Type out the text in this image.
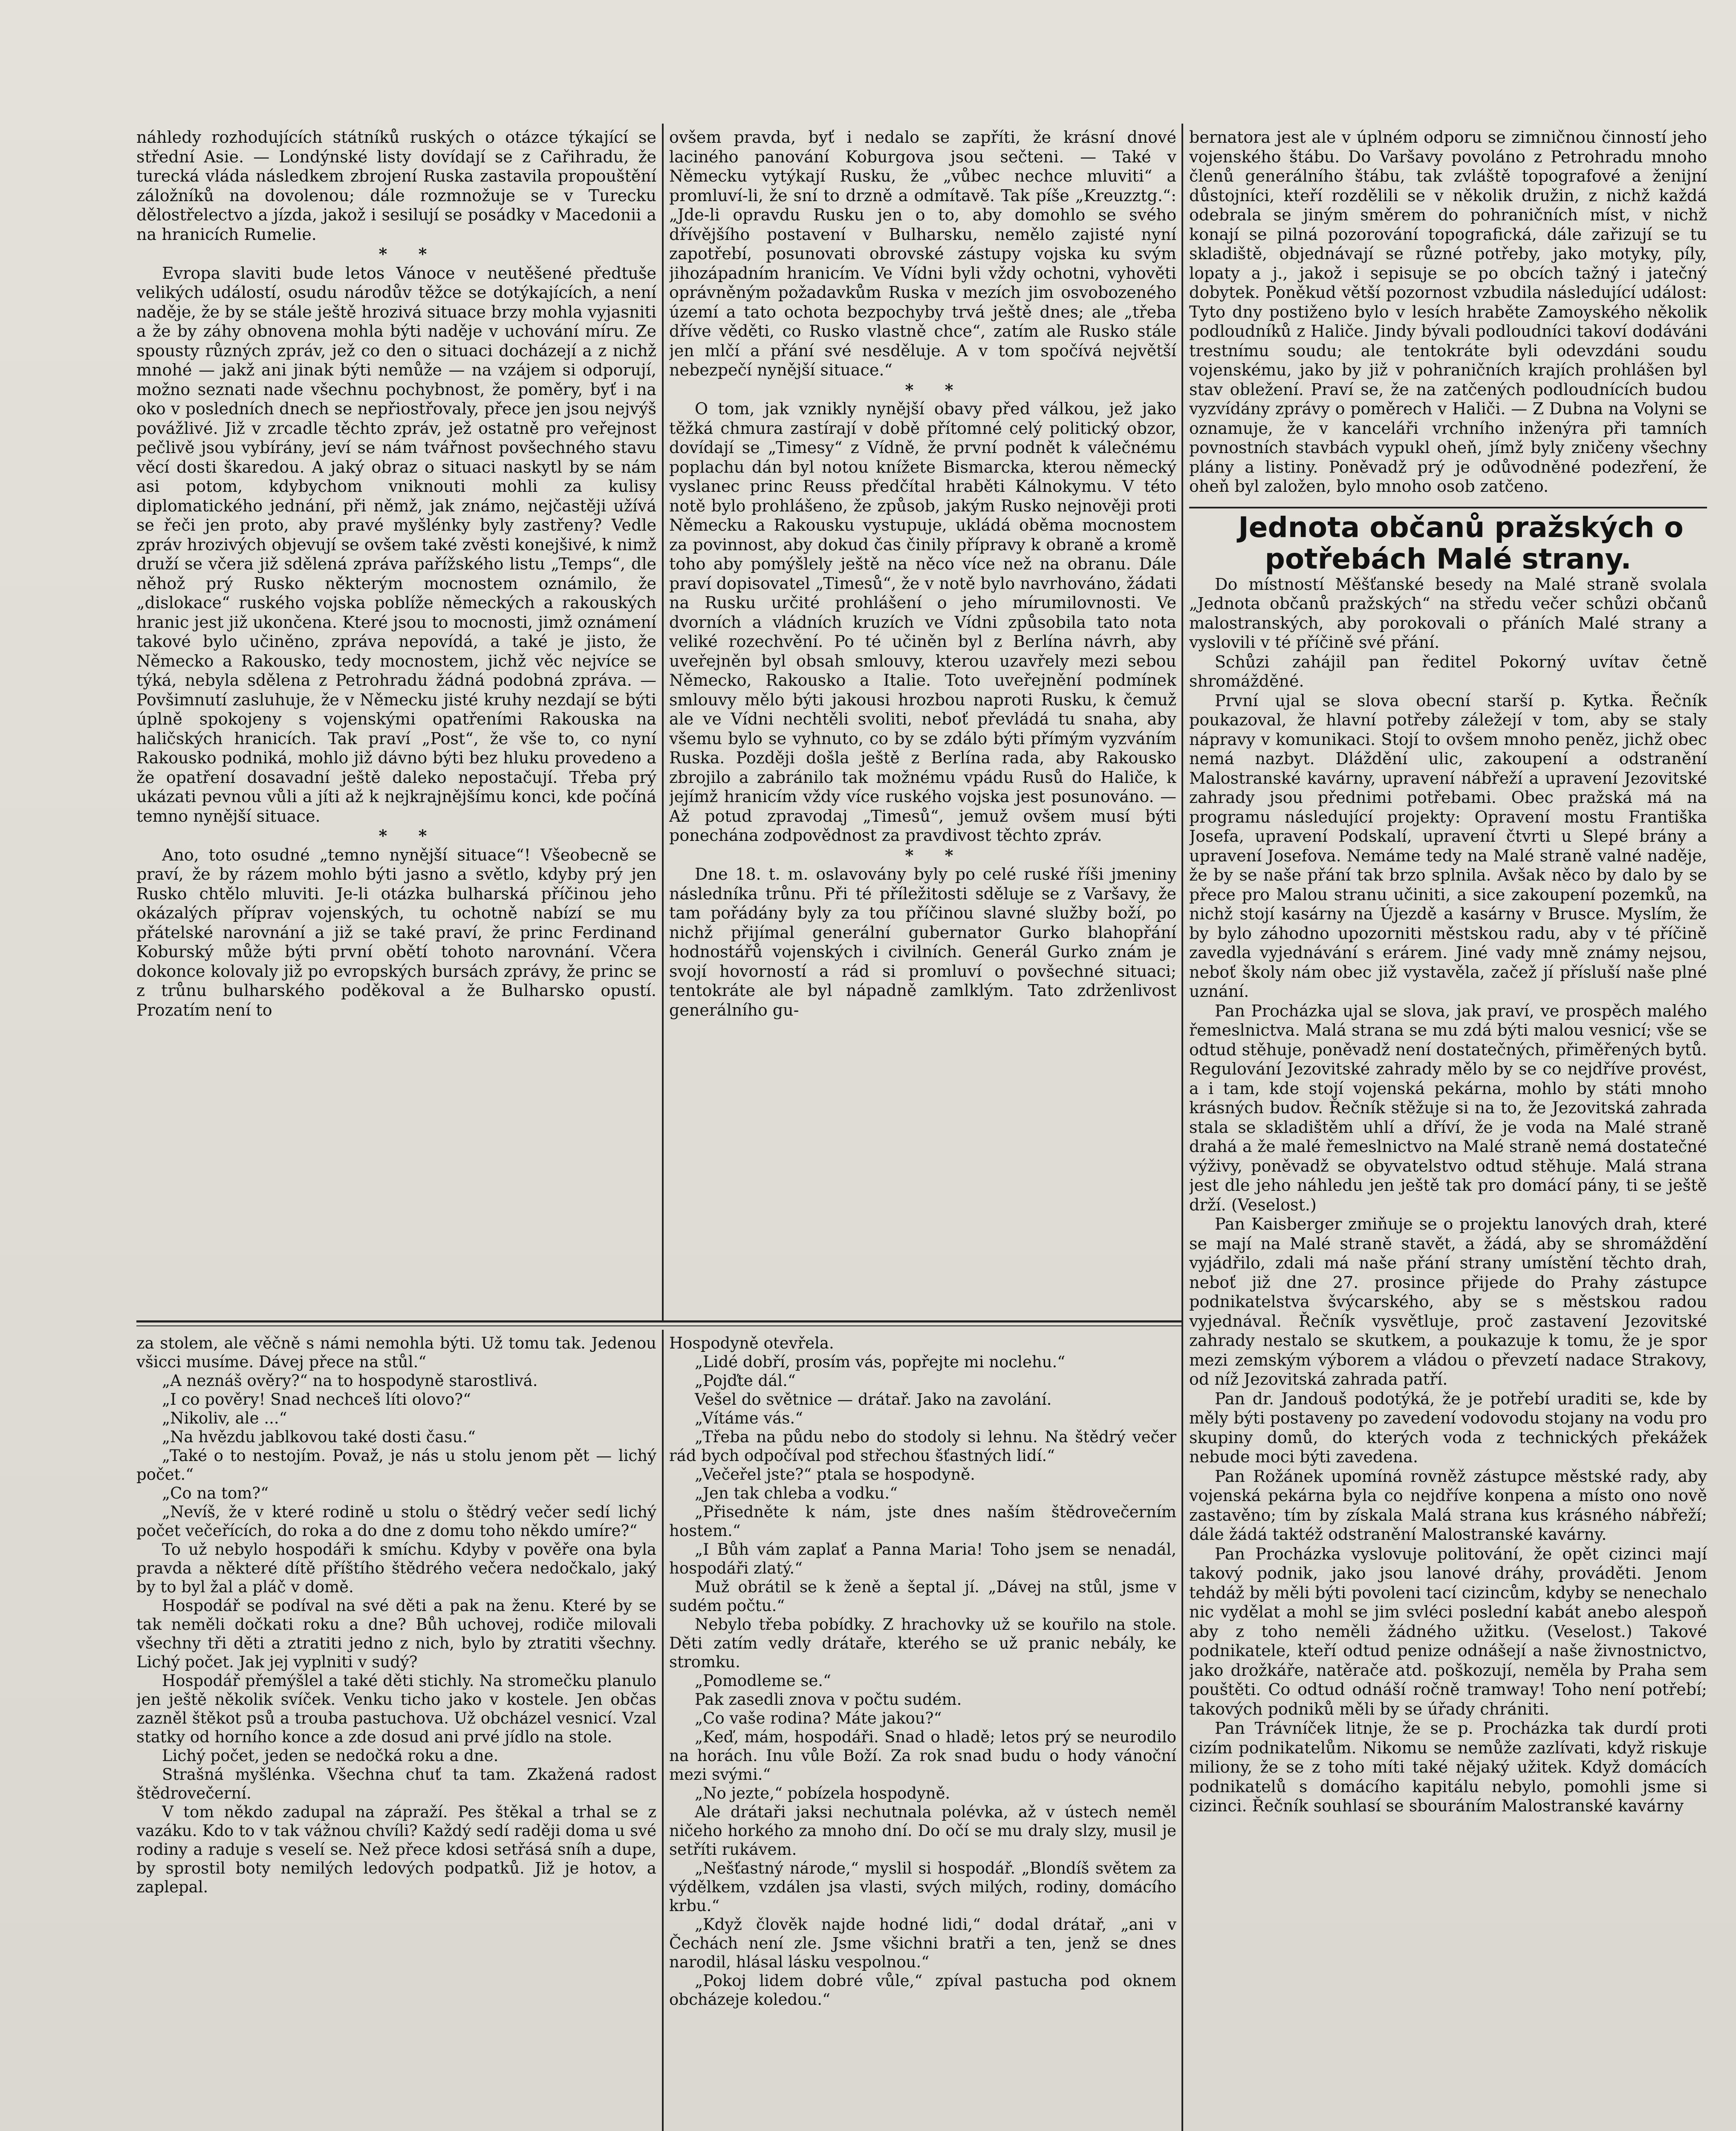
náhledy rozhodujících státníků ruských o otázce týkající se střední Asie. — Londýnské listy dovídají se z Cařihradu, že turecká vláda následkem zbrojení Ruska zastavila propouštění záložníků na dovolenou; dále rozmnožuje se v Turecku dělostřelectvo a jízda, jakož i sesilují se posádky v Macedonii a na hranicích Rumelie.

* *

Evropa slaviti bude letos Vánoce v neutěšené předtuše velikých událostí, osudu národův těžce se dotýkajících, a není naděje, že by se stále ještě hrozivá situace brzy mohla vyjasniti a že by záhy obnovena mohla býti naděje v uchování míru. Ze spousty různých zpráv, jež co den o situaci docházejí a z nichž mnohé — jakž ani jinak býti nemůže — na vzájem si odporují, možno seznati nade všechnu pochybnost, že poměry, byť i na oko v posledních dnech se nepřiostřovaly, přece jen jsou nejvýš povážlivé. Již v zrcadle těchto zpráv, jež ostatně pro veřejnost pečlivě jsou vybírány, jeví se nám tvářnost povšechného stavu věcí dosti škaredou. A jaký obraz o situaci naskytl by se nám asi potom, kdybychom vniknouti mohli za kulisy diplomatického jednání, při němž, jak známo, nejčastěji užívá se řeči jen proto, aby pravé myšlénky byly zastřeny? Vedle zpráv hrozivých objevují se ovšem také zvěsti konejšivé, k nimž druží se včera již sdělená zpráva pařížského listu „Temps“, dle něhož prý Rusko některým mocnostem oznámilo, že „dislokace“ ruského vojska poblíže německých a rakouských hranic jest již ukončena. Které jsou to mocnosti, jimž oznámení takové bylo učiněno, zpráva nepovídá, a také je jisto, že Německo a Rakousko, tedy mocnostem, jichž věc nejvíce se týká, nebyla sdělena z Petrohradu žádná podobná zpráva. — Povšimnutí zasluhuje, že v Německu jisté kruhy nezdají se býti úplně spokojeny s vojenskými opatřeními Rakouska na haličských hranicích. Tak praví „Post“, že vše to, co nyní Rakousko podniká, mohlo již dávno býti bez hluku provedeno a že opatření dosavadní ještě daleko nepostačují. Třeba prý ukázati pevnou vůli a jíti až k nejkrajnějšímu konci, kde počíná temno nynější situace.

* *

Ano, toto osudné „temno nynější situace“! Všeobecně se praví, že by rázem mohlo býti jasno a světlo, kdyby prý jen Rusko chtělo mluviti. Je-li otázka bulharská příčinou jeho okázalých příprav vojenských, tu ochotně nabízí se mu přátelské narovnání a již se také praví, že princ Ferdinand Koburský může býti první obětí tohoto narovnání. Včera dokonce kolovaly již po evropských bursách zprávy, že princ se z trůnu bulharského poděkoval a že Bulharsko opustí. Prozatím není to

ovšem pravda, byť i nedalo se zapříti, že krásní dnové laciného panování Koburgova jsou sečteni. — Také v Německu vytýkají Rusku, že „vůbec nechce mluviti“ a promluví-li, že sní to drzně a odmítavě. Tak píše „Kreuzztg.“: „Jde-li opravdu Rusku jen o to, aby domohlo se svého dřívějšího postavení v Bulharsku, nemělo zajisté nyní zapotřebí, posunovati obrovské zástupy vojska ku svým jihozápadním hranicím. Ve Vídni byli vždy ochotni, vyhověti oprávněným požadavkům Ruska v mezích jim osvobozeného území a tato ochota bezpochyby trvá ještě dnes; ale „třeba dříve věděti, co Rusko vlastně chce“, zatím ale Rusko stále jen mlčí a přání své nesděluje. A v tom spočívá největší nebezpečí nynější situace.“

* *

O tom, jak vznikly nynější obavy před válkou, jež jako těžká chmura zastírají v době přítomné celý politický obzor, dovídají se „Timesy“ z Vídně, že první podnět k válečnému poplachu dán byl notou knížete Bismarcka, kterou německý vyslanec princ Reuss předčítal hraběti Kálnokymu. V této notě bylo prohlášeno, že způsob, jakým Rusko nejnověji proti Německu a Rakousku vystupuje, ukládá oběma mocnostem za povinnost, aby dokud čas činily přípravy k obraně a kromě toho aby pomýšlely ještě na něco více než na obranu. Dále praví dopisovatel „Timesů“, že v notě bylo navrhováno, žádati na Rusku určité prohlášení o jeho mírumilovnosti. Ve dvorních a vládních kruzích ve Vídni způsobila tato nota veliké rozechvění. Po té učiněn byl z Berlína návrh, aby uveřejněn byl obsah smlouvy, kterou uzavřely mezi sebou Německo, Rakousko a Italie. Toto uveřejnění podmínek smlouvy mělo býti jakousi hrozbou naproti Rusku, k čemuž ale ve Vídni nechtěli svoliti, neboť převládá tu snaha, aby všemu bylo se vyhnuto, co by se zdálo býti přímým vyzváním Ruska. Později došla ještě z Berlína rada, aby Rakousko zbrojilo a zabránilo tak možnému vpádu Rusů do Haliče, k jejímž hranicím vždy více ruského vojska jest posunováno. — Až potud zpravodaj „Timesů“, jemuž ovšem musí býti ponechána zodpovědnost za pravdivost těchto zpráv.

* *

Dne 18. t. m. oslavovány byly po celé ruské říši jmeniny následníka trůnu. Při té příležitosti sděluje se z Varšavy, že tam pořádány byly za tou příčinou slavné služby boží, po nichž přijímal generální gubernator Gurko blahopřání hodnostářů vojenských i civilních. Generál Gurko znám je svojí hovorností a rád si promluví o povšechné situaci; tentokráte ale byl nápadně zamlklým. Tato zdrženlivost generálního gu-

bernatora jest ale v úplném odporu se zimničnou činností jeho vojenského štábu. Do Varšavy povoláno z Petrohradu mnoho členů generálního štábu, tak zvláště topografové a ženijní důstojníci, kteří rozdělili se v několik družin, z nichž každá odebrala se jiným směrem do pohraničních míst, v nichž konají se pilná pozorování topografická, dále zařizují se tu skladiště, objednávají se různé potřeby, jako motyky, píly, lopaty a j., jakož i sepisuje se po obcích tažný i jatečný dobytek. Poněkud větší pozornost vzbudila následující událost: Tyto dny postiženo bylo v lesích hraběte Zamoyského několik podloudníků z Haliče. Jindy bývali podloudníci takoví dodáváni trestnímu soudu; ale tentokráte byli odevzdáni soudu vojenskému, jako by již v pohraničních krajích prohlášen byl stav obležení. Praví se, že na zatčených podloudnících budou vyzvídány zprávy o poměrech v Haliči. — Z Dubna na Volyni se oznamuje, že v kanceláři vrchního inženýra při tamních povnostních stavbách vypukl oheň, jímž byly zničeny všechny plány a listiny. Poněvadž prý je odůvodněné podezření, že oheň byl založen, bylo mnoho osob zatčeno.

Jednota občanů pražských o potřebách Malé strany.

Do místností Měšťanské besedy na Malé straně svolala „Jednota občanů pražských“ na středu večer schůzi občanů malostranských, aby porokovali o přáních Malé strany a vyslovili v té příčině své přání.

Schůzi zahájil pan ředitel Pokorný uvítav četně shromážděné.

První ujal se slova obecní starší p. Kytka. Řečník poukazoval, že hlavní potřeby záležejí v tom, aby se staly nápravy v komunikaci. Stojí to ovšem mnoho peněz, jichž obec nemá nazbyt. Dláždění ulic, zakoupení a odstranění Malostranské kavárny, upravení nábřeží a upravení Jezovitské zahrady jsou přednimi potřebami. Obec pražská má na programu následující projekty: Opravení mostu Františka Josefa, upravení Podskalí, upravení čtvrti u Slepé brány a upravení Josefova. Nemáme tedy na Malé straně valné naděje, že by se naše přání tak brzo splnila. Avšak něco by dalo by se přece pro Malou stranu učiniti, a sice zakoupení pozemků, na nichž stojí kasárny na Újezdě a kasárny v Brusce. Myslím, že by bylo záhodno upozorniti městskou radu, aby v té příčině zavedla vyjednávání s erárem. Jiné vady mně známy nejsou, neboť školy nám obec již vystavěla, začež jí přísluší naše plné uznání.

Pan Procházka ujal se slova, jak praví, ve prospěch malého řemeslnictva. Malá strana se mu zdá býti malou vesnicí; vše se odtud stěhuje, poněvadž není dostatečných, přiměřených bytů. Regulování Jezovitské zahrady mělo by se co nejdříve provést, a i tam, kde stojí vojenská pekárna, mohlo by státi mnoho krásných budov. Řečník stěžuje si na to, že Jezovitská zahrada stala se skladištěm uhlí a dříví, že je voda na Malé straně drahá a že malé řemeslnictvo na Malé straně nemá dostatečné výživy, poněvadž se obyvatelstvo odtud stěhuje. Malá strana jest dle jeho náhledu jen ještě tak pro domácí pány, ti se ještě drží. (Veselost.)

Pan Kaisberger zmiňuje se o projektu lanových drah, které se mají na Malé straně stavět, a žádá, aby se shromáždění vyjádřilo, zdali má naše přání strany umístění těchto drah, neboť již dne 27. prosince přijede do Prahy zástupce podnikatelstva švýcarského, aby se s městskou radou vyjednával. Řečník vysvětluje, proč zastavení Jezovitské zahrady nestalo se skutkem, a poukazuje k tomu, že je spor mezi zemským výborem a vládou o převzetí nadace Strakovy, od níž Jezovitská zahrada patří.

Pan dr. Jandouš podotýká, že je potřebí uraditi se, kde by měly býti postaveny po zavedení vodovodu stojany na vodu pro skupiny domů, do kterých voda z technických překážek nebude moci býti zavedena.

Pan Rožánek upomíná rovněž zástupce městské rady, aby vojenská pekárna byla co nejdříve konpena a místo ono nově zastavěno; tím by získala Malá strana kus krásného nábřeží; dále žádá taktéž odstranění Malostranské kavárny.

Pan Procházka vyslovuje politování, že opět cizinci mají takový podnik, jako jsou lanové dráhy, prováděti. Jenom tehdáž by měli býti povoleni tací cizincům, kdyby se nenechalo nic vydělat a mohl se jim svléci poslední kabát anebo alespoň aby z toho neměli žádného užitku. (Veselost.) Takové podnikatele, kteří odtud penize odnášejí a naše živnostnictvo, jako drožkáře, natěrače atd. poškozují, neměla by Praha sem pouštěti. Co odtud odnáší ročně tramway! Toho není potřebí; takových podniků měli by se úřady chrániti.

Pan Trávníček litnje, že se p. Procházka tak durdí proti cizím podnikatelům. Nikomu se nemůže zazlívati, když riskuje miliony, že se z toho míti také nějaký užitek. Když domácích podnikatelů s domácího kapitálu nebylo, pomohli jsme si cizinci. Řečník souhlasí se sbouráním Malostranské kavárny

za stolem, ale věčně s námi nemohla býti. Už tomu tak. Jedenou všicci musíme. Dávej přece na stůl.“

„A neznáš ověry?“ na to hospodyně starostlivá.

„I co pověry! Snad nechceš líti olovo?“

„Nikoliv, ale ...“

„Na hvězdu jablkovou také dosti času.“

„Také o to nestojím. Považ, je nás u stolu jenom pět — lichý počet.“

„Co na tom?“

„Nevíš, že v které rodině u stolu o štědrý večer sedí lichý počet večeřících, do roka a do dne z domu toho někdo umíre?“

To už nebylo hospodáři k smíchu. Kdyby v pověře ona byla pravda a některé dítě příštího štědrého večera nedočkalo, jaký by to byl žal a pláč v domě.

Hospodář se podíval na své děti a pak na ženu. Které by se tak neměli dočkati roku a dne? Bůh uchovej, rodiče milovali všechny tři děti a ztratiti jedno z nich, bylo by ztratiti všechny. Lichý počet. Jak jej vyplniti v sudý?

Hospodář přemýšlel a také děti stichly. Na stromečku planulo jen ještě několik svíček. Venku ticho jako v kostele. Jen občas zazněl štěkot psů a trouba pastuchova. Už obcházel vesnicí. Vzal statky od horního konce a zde dosud ani prvé jídlo na stole.

Lichý počet, jeden se nedočká roku a dne.

Strašná myšlénka. Všechna chuť ta tam. Zkažená radost štědrovečerní.

V tom někdo zadupal na zápraží. Pes štěkal a trhal se z vazáku. Kdo to v tak vážnou chvíli? Každý sedí raději doma u své rodiny a raduje s veselí se. Než přece kdosi setřásá sníh a dupe, by sprostil boty nemilých ledových podpatků. Již je hotov, a zaplepal.

Hospodyně otevřela.

„Lidé dobří, prosím vás, popřejte mi noclehu.“

„Pojďte dál.“

Vešel do světnice — drátař. Jako na zavolání.

„Vítáme vás.“

„Třeba na půdu nebo do stodoly si lehnu. Na štědrý večer rád bych odpočíval pod střechou šťastných lidí.“

„Večeřel jste?“ ptala se hospodyně.

„Jen tak chleba a vodku.“

„Přisedněte k nám, jste dnes naším štědrovečerním hostem.“

„I Bůh vám zaplať a Panna Maria! Toho jsem se nenadál, hospodáři zlatý.“

Muž obrátil se k ženě a šeptal jí. „Dávej na stůl, jsme v sudém počtu.“

Nebylo třeba pobídky. Z hrachovky už se kouřilo na stole. Děti zatím vedly drátaře, kterého se už pranic nebály, ke stromku.

„Pomodleme se.“

Pak zasedli znova v počtu sudém.

„Co vaše rodina? Máte jakou?“

„Keď, mám, hospodáři. Snad o hladě; letos prý se neurodilo na horách. Inu vůle Boží. Za rok snad budu o hody vánoční mezi svými.“

„No jezte,“ pobízela hospodyně.

Ale drátaři jaksi nechutnala polévka, až v ústech neměl ničeho horkého za mnoho dní. Do očí se mu draly slzy, musil je setříti rukávem.

„Nešťastný národe,“ myslil si hospodář. „Blondíš světem za výdělkem, vzdálen jsa vlasti, svých milých, rodiny, domácího krbu.“

„Když člověk najde hodné lidi,“ dodal drátař, „ani v Čechách není zle. Jsme všichni bratři a ten, jenž se dnes narodil, hlásal lásku vespolnou.“

„Pokoj lidem dobré vůle,“ zpíval pastucha pod oknem obcházeje koledou.“
